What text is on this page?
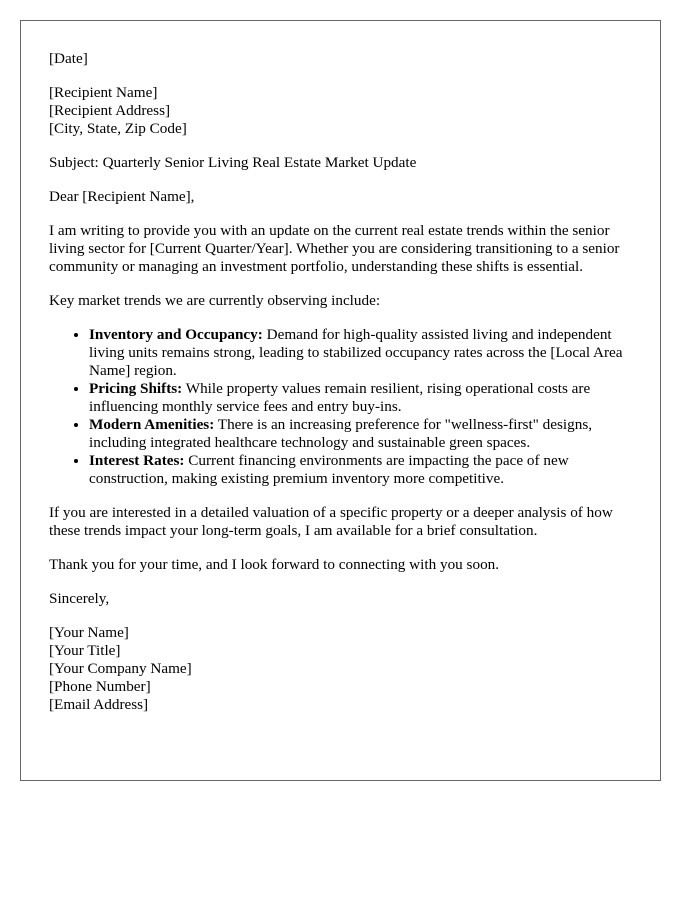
[Date]

[Recipient Name]
[Recipient Address]
[City, State, Zip Code]

Subject: Quarterly Senior Living Real Estate Market Update

Dear [Recipient Name],

I am writing to provide you with an update on the current real estate trends within the senior living sector for [Current Quarter/Year]. Whether you are considering transitioning to a senior community or managing an investment portfolio, understanding these shifts is essential.

Key market trends we are currently observing include:

• Inventory and Occupancy: Demand for high-quality assisted living and independent living units remains strong, leading to stabilized occupancy rates across the [Local Area Name] region.
• Pricing Shifts: While property values remain resilient, rising operational costs are influencing monthly service fees and entry buy-ins.
• Modern Amenities: There is an increasing preference for "wellness-first" designs, including integrated healthcare technology and sustainable green spaces.
• Interest Rates: Current financing environments are impacting the pace of new construction, making existing premium inventory more competitive.

If you are interested in a detailed valuation of a specific property or a deeper analysis of how these trends impact your long-term goals, I am available for a brief consultation.

Thank you for your time, and I look forward to connecting with you soon.

Sincerely,

[Your Name]
[Your Title]
[Your Company Name]
[Phone Number]
[Email Address]
